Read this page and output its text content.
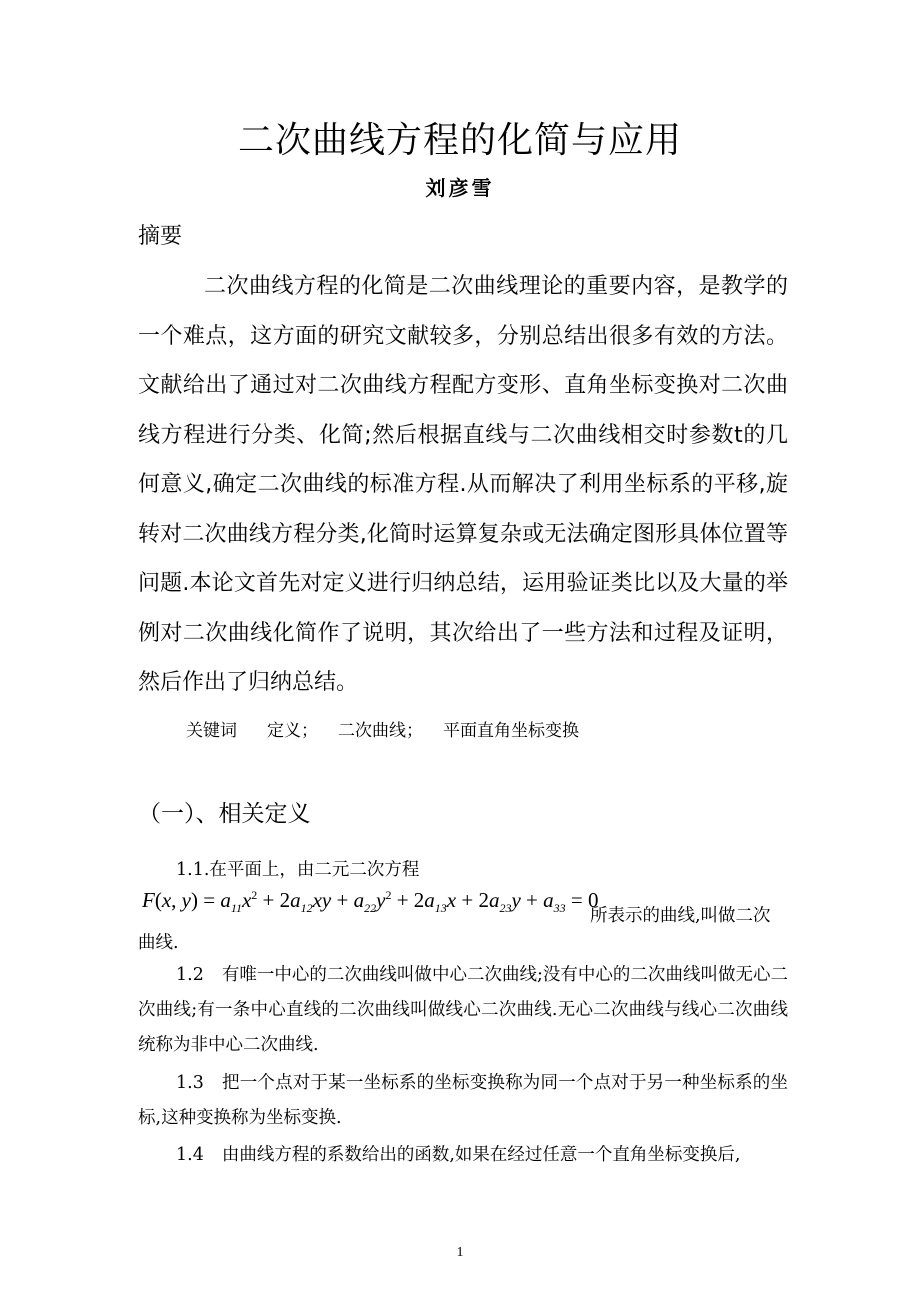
二次曲线方程的化简与应用
刘彦雪
摘要

二次曲线方程的化简是二次曲线理论的重要内容，是教学的一个难点，这方面的研究文献较多，分别总结出很多有效的方法。文献给出了通过对二次曲线方程配方变形、直角坐标变换对二次曲线方程进行分类、化简;然后根据直线与二次曲线相交时参数t的几何意义,确定二次曲线的标准方程.从而解决了利用坐标系的平移,旋转对二次曲线方程分类,化简时运算复杂或无法确定图形具体位置等问题.本论文首先对定义进行归纳总结，运用验证类比以及大量的举例对二次曲线化简作了说明，其次给出了一些方法和过程及证明，然后作出了归纳总结。

关键词 定义； 二次曲线； 平面直角坐标变换
（一）、相关定义
1.1.在平面上，由二元二次方程
F(x, $y) = a_{11}x^2 + 2a_{12}xy + a_{22}y^2 + 2a_{13}x + 2a_{23}y + a_{33} = 0$
所表示的曲线,叫做二次
曲线.

1.2 有唯一中心的二次曲线叫做中心二次曲线;没有中心的二次曲线叫做无心二次曲线;有一条中心直线的二次曲线叫做线心二次曲线.无心二次曲线与线心二次曲线统称为非中心二次曲线.

1.3 把一个点对于某一坐标系的坐标变换称为同一个点对于另一种坐标系的坐标,这种变换称为坐标变换.

1.4 由曲线方程的系数给出的函数,如果在经过任意一个直角坐标变换后,

1
